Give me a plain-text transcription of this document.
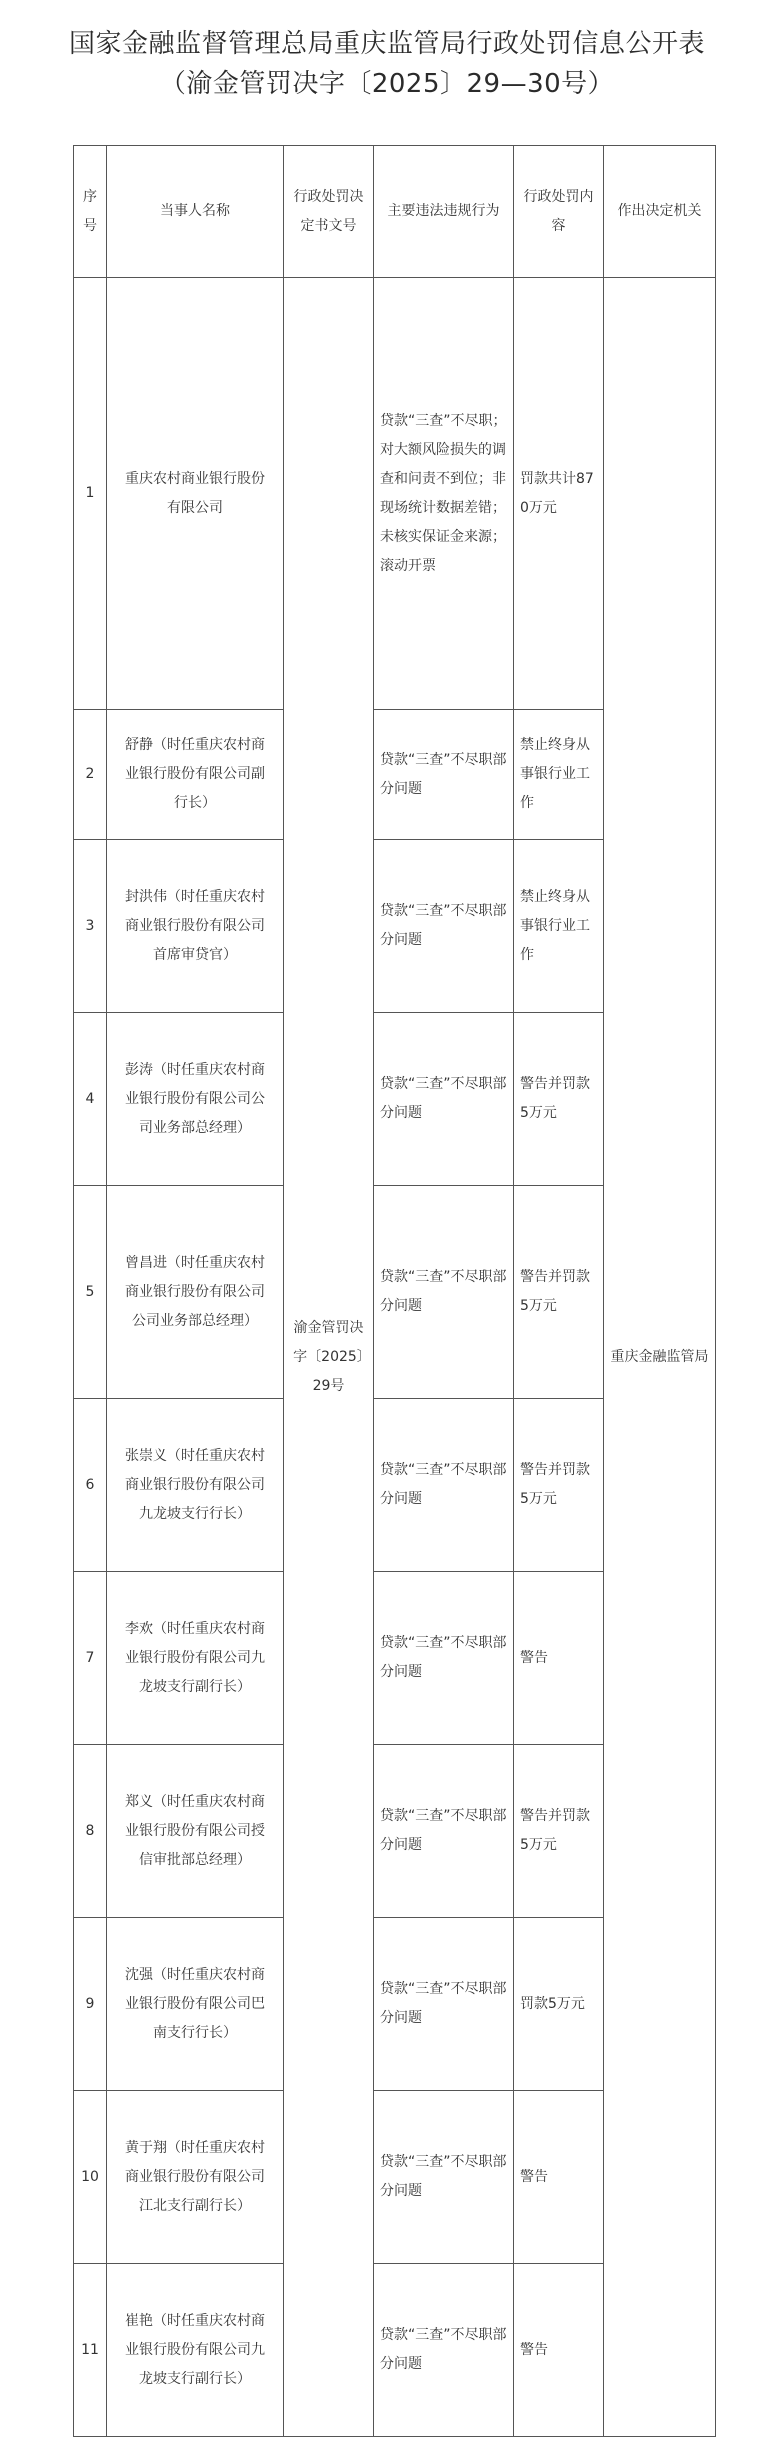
国家金融监督管理总局重庆监管局行政处罚信息公开表
（渝金管罚决字〔2025〕29—30号）
序号	当事人名称	行政处罚决定书文号	主要违法违规行为	行政处罚内容	作出决定机关
1	重庆农村商业银行股份有限公司	渝金管罚决字〔2025〕29号	贷款“三查”不尽职；对大额风险损失的调查和问责不到位；非现场统计数据差错；未核实保证金来源；滚动开票	罚款共计870万元	重庆金融监管局
2	舒静（时任重庆农村商业银行股份有限公司副行长）		贷款“三查”不尽职部分问题	禁止终身从事银行业工作	
3	封洪伟（时任重庆农村商业银行股份有限公司首席审贷官）		贷款“三查”不尽职部分问题	禁止终身从事银行业工作	
4	彭涛（时任重庆农村商业银行股份有限公司公司业务部总经理）		贷款“三查”不尽职部分问题	警告并罚款5万元	
5	曾昌进（时任重庆农村商业银行股份有限公司公司业务部总经理）		贷款“三查”不尽职部分问题	警告并罚款5万元	
6	张崇义（时任重庆农村商业银行股份有限公司九龙坡支行行长）		贷款“三查”不尽职部分问题	警告并罚款5万元	
7	李欢（时任重庆农村商业银行股份有限公司九龙坡支行副行长）		贷款“三查”不尽职部分问题	警告	
8	郑义（时任重庆农村商业银行股份有限公司授信审批部总经理）		贷款“三查”不尽职部分问题	警告并罚款5万元	
9	沈强（时任重庆农村商业银行股份有限公司巴南支行行长）		贷款“三查”不尽职部分问题	罚款5万元	
10	黄于翔（时任重庆农村商业银行股份有限公司江北支行副行长）		贷款“三查”不尽职部分问题	警告	
11	崔艳（时任重庆农村商业银行股份有限公司九龙坡支行副行长）		贷款“三查”不尽职部分问题	警告	
